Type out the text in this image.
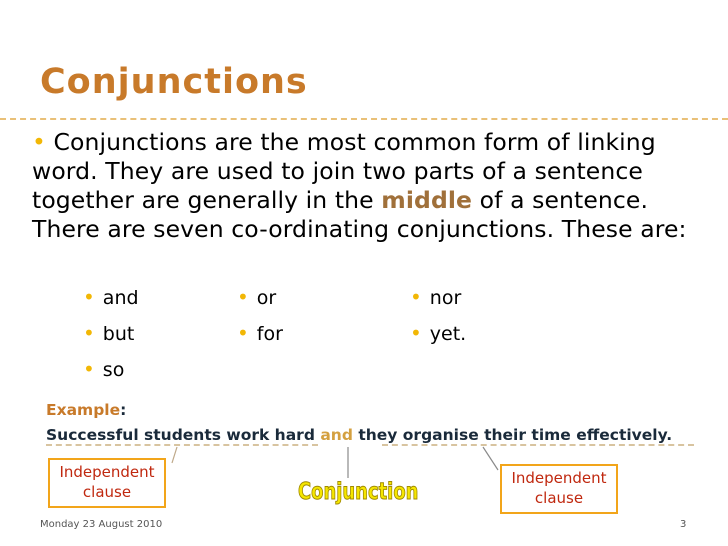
Conjunctions

• Conjunctions are the most common form of linking word. They are used to join two parts of a sentence together are generally in the middle of a sentence. There are seven co-ordinating conjunctions. These are:

• and
• but
• so
• or
• for
• nor
• yet.
Example:
Successful students work hard and they organise their time effectively.
Independent clause
Independent clause
Conjunction
Monday 23 August 2010	3
